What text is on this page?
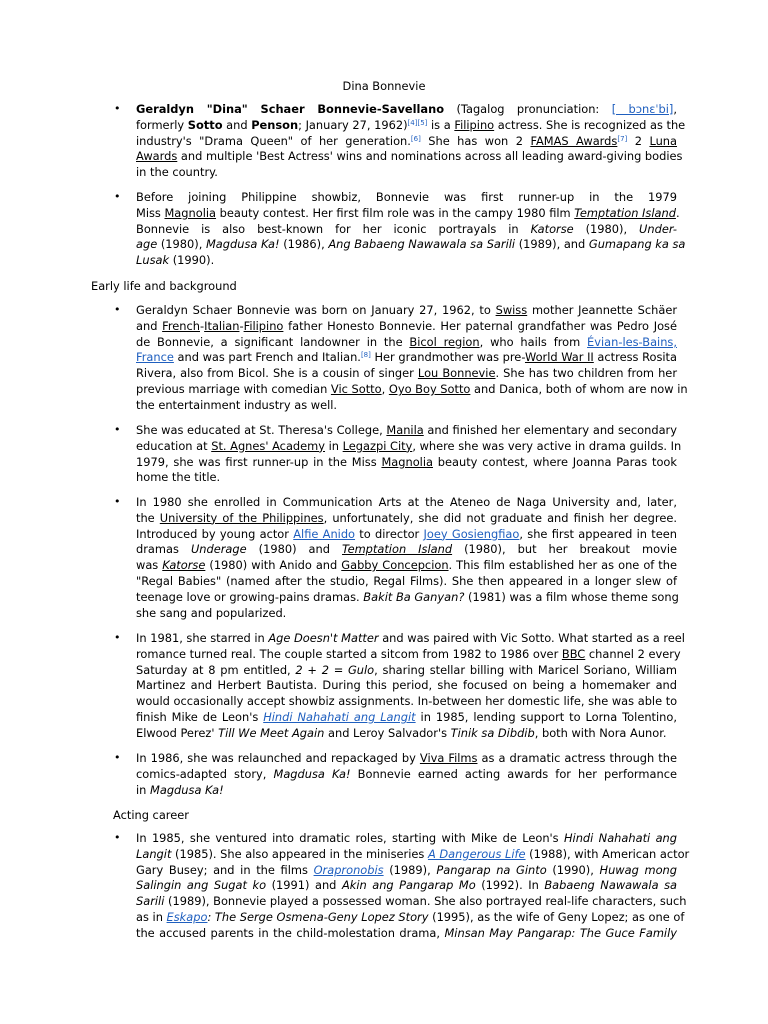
Dina Bonnevie
• Geraldyn "Dina" Schaer Bonnevie-Savellano (Tagalog pronunciation: [ bɔnɛˈbi],
formerly Sotto and Penson; January 27, 1962)[4][5] is a Filipino actress. She is recognized as the
industry's "Drama Queen" of her generation.[6] She has won 2 FAMAS Awards[7] 2 Luna
Awards and multiple 'Best Actress' wins and nominations across all leading award-giving bodies
in the country.
• Before joining Philippine showbiz, Bonnevie was first runner-up in the 1979
Miss Magnolia beauty contest. Her first film role was in the campy 1980 film Temptation Island.
Bonnevie is also best-known for her iconic portrayals in Katorse (1980), Under-
age (1980), Magdusa Ka! (1986), Ang Babaeng Nawawala sa Sarili (1989), and Gumapang ka sa
Lusak (1990).
Early life and background
• Geraldyn Schaer Bonnevie was born on January 27, 1962, to Swiss mother Jeannette Schäer
and French-Italian-Filipino father Honesto Bonnevie. Her paternal grandfather was Pedro José
de Bonnevie, a significant landowner in the Bicol region, who hails from Évian-les-Bains,
France and was part French and Italian.[8] Her grandmother was pre-World War II actress Rosita
Rivera, also from Bicol. She is a cousin of singer Lou Bonnevie. She has two children from her
previous marriage with comedian Vic Sotto, Oyo Boy Sotto and Danica, both of whom are now in
the entertainment industry as well.
• She was educated at St. Theresa's College, Manila and finished her elementary and secondary
education at St. Agnes' Academy in Legazpi City, where she was very active in drama guilds. In
1979, she was first runner-up in the Miss Magnolia beauty contest, where Joanna Paras took
home the title.
• In 1980 she enrolled in Communication Arts at the Ateneo de Naga University and, later,
the University of the Philippines, unfortunately, she did not graduate and finish her degree.
Introduced by young actor Alfie Anido to director Joey Gosiengfiao, she first appeared in teen
dramas Underage (1980) and Temptation Island (1980), but her breakout movie
was Katorse (1980) with Anido and Gabby Concepcion. This film established her as one of the
"Regal Babies" (named after the studio, Regal Films). She then appeared in a longer slew of
teenage love or growing-pains dramas. Bakit Ba Ganyan? (1981) was a film whose theme song
she sang and popularized.
• In 1981, she starred in Age Doesn't Matter and was paired with Vic Sotto. What started as a reel
romance turned real. The couple started a sitcom from 1982 to 1986 over BBC channel 2 every
Saturday at 8 pm entitled, 2 + 2 = Gulo, sharing stellar billing with Maricel Soriano, William
Martinez and Herbert Bautista. During this period, she focused on being a homemaker and
would occasionally accept showbiz assignments. In-between her domestic life, she was able to
finish Mike de Leon's Hindi Nahahati ang Langit in 1985, lending support to Lorna Tolentino,
Elwood Perez' Till We Meet Again and Leroy Salvador's Tinik sa Dibdib, both with Nora Aunor.
• In 1986, she was relaunched and repackaged by Viva Films as a dramatic actress through the
comics-adapted story, Magdusa Ka! Bonnevie earned acting awards for her performance
in Magdusa Ka!
Acting career
• In 1985, she ventured into dramatic roles, starting with Mike de Leon's Hindi Nahahati ang
Langit (1985). She also appeared in the miniseries A Dangerous Life (1988), with American actor
Gary Busey; and in the films Orapronobis (1989), Pangarap na Ginto (1990), Huwag mong
Salingin ang Sugat ko (1991) and Akin ang Pangarap Mo (1992). In Babaeng Nawawala sa
Sarili (1989), Bonnevie played a possessed woman. She also portrayed real-life characters, such
as in Eskapo: The Serge Osmena-Geny Lopez Story (1995), as the wife of Geny Lopez; as one of
the accused parents in the child-molestation drama, Minsan May Pangarap: The Guce Family
